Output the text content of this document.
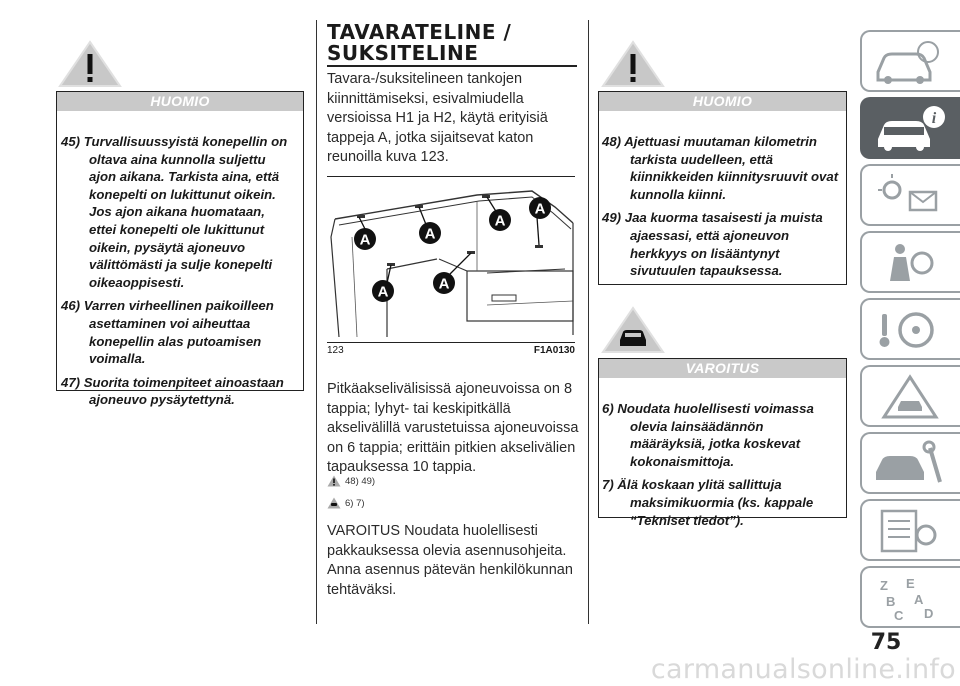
HUOMIO

45) Turvallisuussyistä konepellin on oltava aina kunnolla suljettu ajon aikana. Tarkista aina, että konepelti on lukittunut oikein. Jos ajon aikana huomataan, ettei konepelti ole lukittunut oikein, pysäytä ajoneuvo välittömästi ja sulje konepelti oikeaoppisesti.

46) Varren virheellinen paikoilleen asettaminen voi aiheuttaa konepellin alas putoamisen voimalla.

47) Suorita toimenpiteet ainoastaan ajoneuvo pysäytettynä.

TAVARATELINE /
SUKSITELINE
Tavara-/suksitelineen tankojen kiinnittämiseksi, esivalmiudella versioissa H1 ja H2, käytä erityisiä tappeja A, jotka sijaitsevat katon reunoilla kuva 123.
A	A
A
A
A	A
123	F1A0130
Pitkäakselivälisissä ajoneuvoissa on 8 tappia; lyhyt- tai keskipitkällä akselivälillä varustetuissa ajoneuvoissa on 6 tappia; erittäin pitkien akselivälien tapauksessa 10 tappia.
48) 49)
6) 7)
VAROITUS Noudata huolellisesti pakkauksessa olevia asennusohjeita. Anna asennus pätevän henkilökunnan tehtäväksi.
HUOMIO

48) Ajettuasi muutaman kilometrin tarkista uudelleen, että kiinnikkeiden kiinnitysruuvit ovat kunnolla kiinni.

49) Jaa kuorma tasaisesti ja muista ajaessasi, että ajoneuvon herkkyys on lisääntynyt sivutuulen tapauksessa.

VAROITUS

6) Noudata huolellisesti voimassa olevia lainsäädännön määräyksiä, jotka koskevat kokonaismittoja.

7) Älä koskaan ylitä sallittuja maksimikuormia (ks. kappale “Tekniset tiedot”).

i
Z E
B A
C D
75
carmanualsonline.info
